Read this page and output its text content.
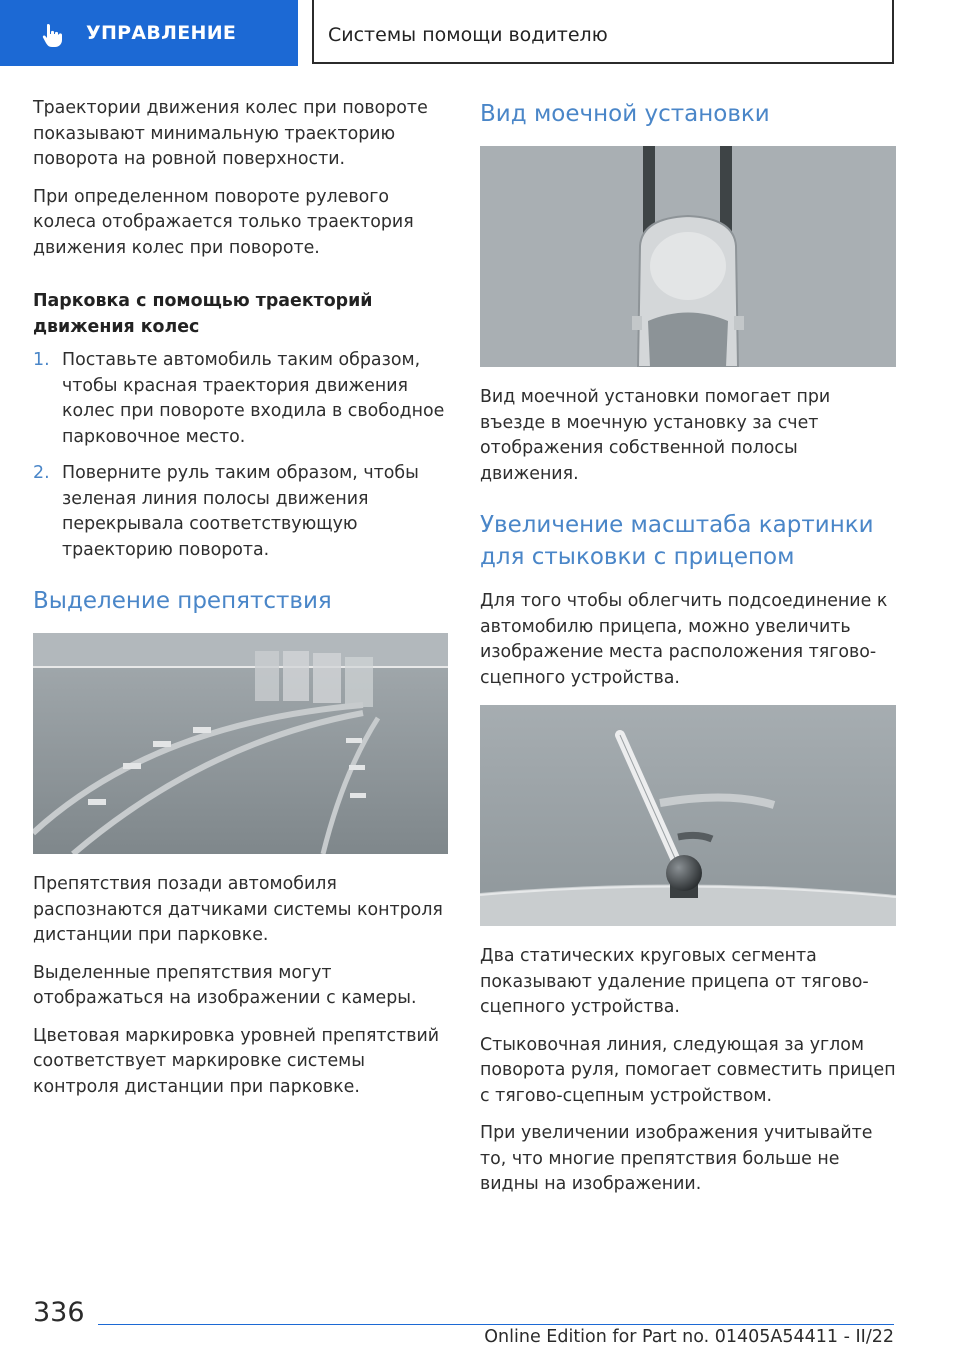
УПРАВЛЕНИЕ	Системы помощи водителю

Траектории движения колес при повороте показывают минимальную траекторию поворота на ровной поверхности.

При определенном повороте рулевого колеса отображается только траектория движения колес при повороте.

Парковка с помощью траекторий движения колес
1. Поставьте автомобиль таким образом, чтобы красная траектория движения колес при повороте входила в свободное парковочное место.
2. Поверните руль таким образом, чтобы зеленая линия полосы движения перекрывала соответствующую траекторию поворота.
Выделение препятствия

Препятствия позади автомобиля распознаются датчиками системы контроля дистанции при парковке.

Выделенные препятствия могут отображаться на изображении с камеры.

Цветовая маркировка уровней препятствий соответствует маркировке системы контроля дистанции при парковке.

Вид моечной установки

Вид моечной установки помогает при въезде в моечную установку за счет отображения собственной полосы движения.

Увеличение масштаба картинки для стыковки с прицепом

Для того чтобы облегчить подсоединение к автомобилю прицепа, можно увеличить изображение места расположения тягово-сцепного устройства.

Два статических круговых сегмента показывают удаление прицепа от тягово-сцепного устройства.

Стыковочная линия, следующая за углом поворота руля, помогает совместить прицеп с тягово-сцепным устройством.

При увеличении изображения учитывайте то, что многие препятствия больше не видны на изображении.

336
Online Edition for Part no. 01405A54411 - II/22
